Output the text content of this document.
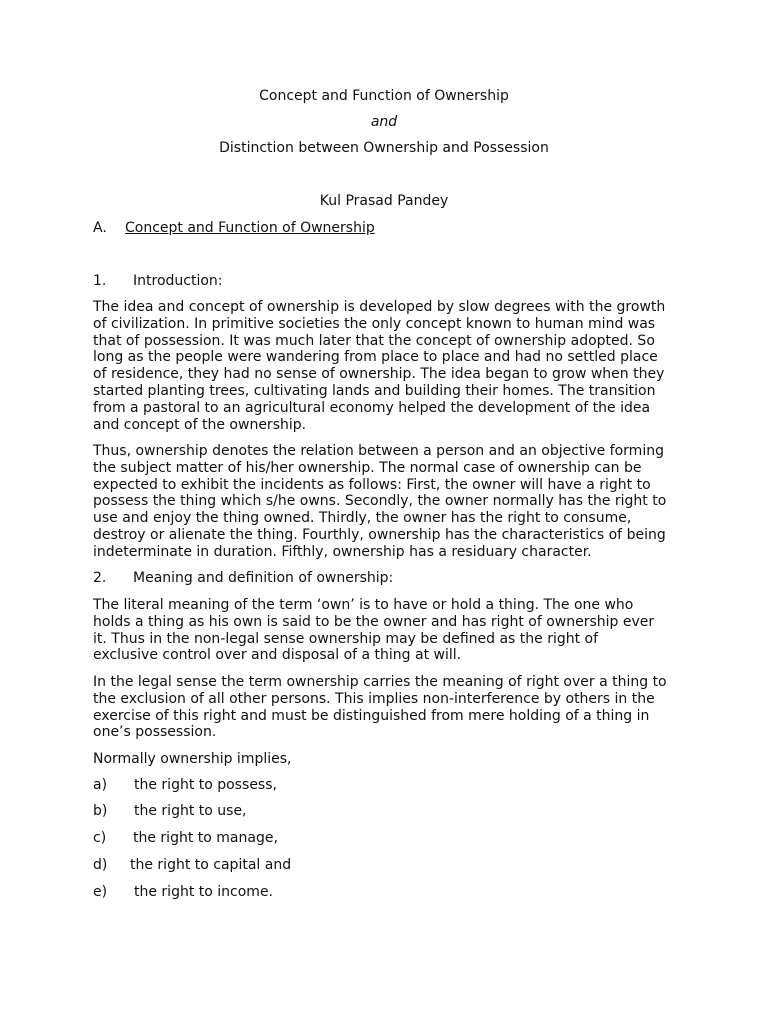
Concept and Function of Ownership
and
Distinction between Ownership and Possession
Kul Prasad Pandey
A. Concept and Function of Ownership
1. Introduction:
The idea and concept of ownership is developed by slow degrees with the growth
of civilization. In primitive societies the only concept known to human mind was
that of possession. It was much later that the concept of ownership adopted. So
long as the people were wandering from place to place and had no settled place
of residence, they had no sense of ownership. The idea began to grow when they
started planting trees, cultivating lands and building their homes. The transition
from a pastoral to an agricultural economy helped the development of the idea
and concept of the ownership.
Thus, ownership denotes the relation between a person and an objective forming
the subject matter of his/her ownership. The normal case of ownership can be
expected to exhibit the incidents as follows: First, the owner will have a right to
possess the thing which s/he owns. Secondly, the owner normally has the right to
use and enjoy the thing owned. Thirdly, the owner has the right to consume,
destroy or alienate the thing. Fourthly, ownership has the characteristics of being
indeterminate in duration. Fifthly, ownership has a residuary character.
2. Meaning and definition of ownership:
The literal meaning of the term ‘own’ is to have or hold a thing. The one who
holds a thing as his own is said to be the owner and has right of ownership ever
it. Thus in the non-legal sense ownership may be defined as the right of
exclusive control over and disposal of a thing at will.
In the legal sense the term ownership carries the meaning of right over a thing to
the exclusion of all other persons. This implies non-interference by others in the
exercise of this right and must be distinguished from mere holding of a thing in
one’s possession.
Normally ownership implies,
a) the right to possess,
b) the right to use,
c) the right to manage,
d) the right to capital and
e) the right to income.
